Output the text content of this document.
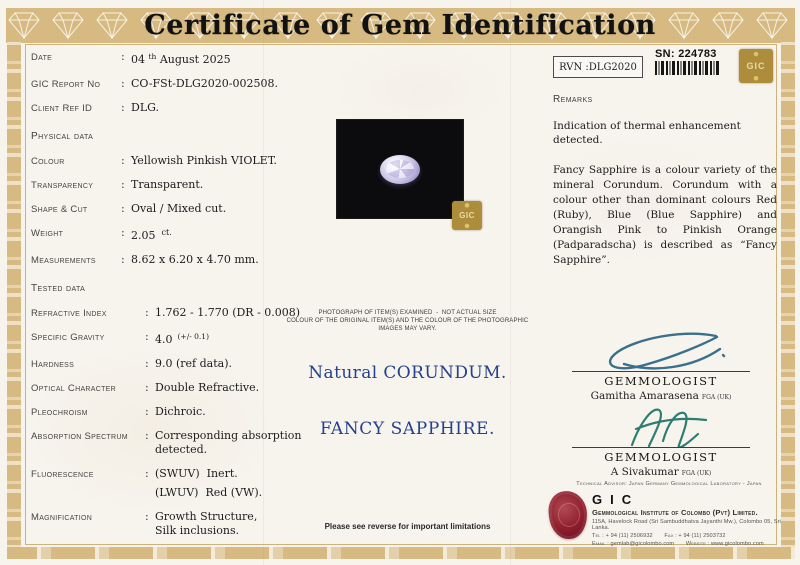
Certificate of Gem Identification
Date :	04 $^{th}$ August 2025
GIC Report No :	CO-FSt-DLG2020-002508.
Client Ref ID :	DLG.
Physical data
Colour :	Yellowish Pinkish VIOLET.
Transparency :	Transparent.
Shape & Cut :	Oval / Mixed cut.
Weight :	2.05 $^{ct.}$
Measurements :	8.62 x 6.20 x 4.70 mm.
Tested data
Refractive Index :	1.762 - 1.770 (DR - 0.008)
Specific Gravity :	4.0 $^{(+/- 0.1)}$
Hardness :	9.0 (ref data).
Optical Character :	Double Refractive.
Pleochroism :	Dichroic.
Absorption Spectrum :	Corresponding absorption
detected.
Fluorescence :	(SWUV)  Inert.
(LWUV)  Red (VW).
Magnification :	Growth Structure,
Silk inclusions.
GIC
PHOTOGRAPH OF ITEM(S) EXAMINED  -  NOT ACTUAL SIZE
COLOUR OF THE ORIGINAL ITEM(S) AND THE COLOUR OF THE PHOTOGRAPHIC IMAGES MAY VARY.
Natural CORUNDUM.
FANCY SAPPHIRE.
Please see reverse for important limitations
RVN :DLG2020
SN: 224783
GIC
Remarks
Indication of thermal enhancement detected.
Fancy Sapphire is a colour variety of the mineral Corundum. Corundum with a colour other than dominant colours Red (Ruby), Blue (Blue Sapphire) and Orangish Pink to Pinkish Orange (Padparadscha) is described as “Fancy Sapphire”.
GEMMOLOGIST
Gamitha Amarasena FGA (UK)
GEMMOLOGIST
A Sivakumar FGA (UK)
Technical Advisor: Japan Germany Gemmological Laboratory - Japan
GIC
Gemmological Institute of Colombo (Pvt) Limited.
115A, Havelock Road (Sri Sambuddhatva Jayanthi Mw.), Colombo 05, Sri Lanka.
Tel : + 94 (11) 2506932 Fax : + 94 (11) 2503732
Email : gemlab@gicolombo.com Website : www.gicolombo.com
